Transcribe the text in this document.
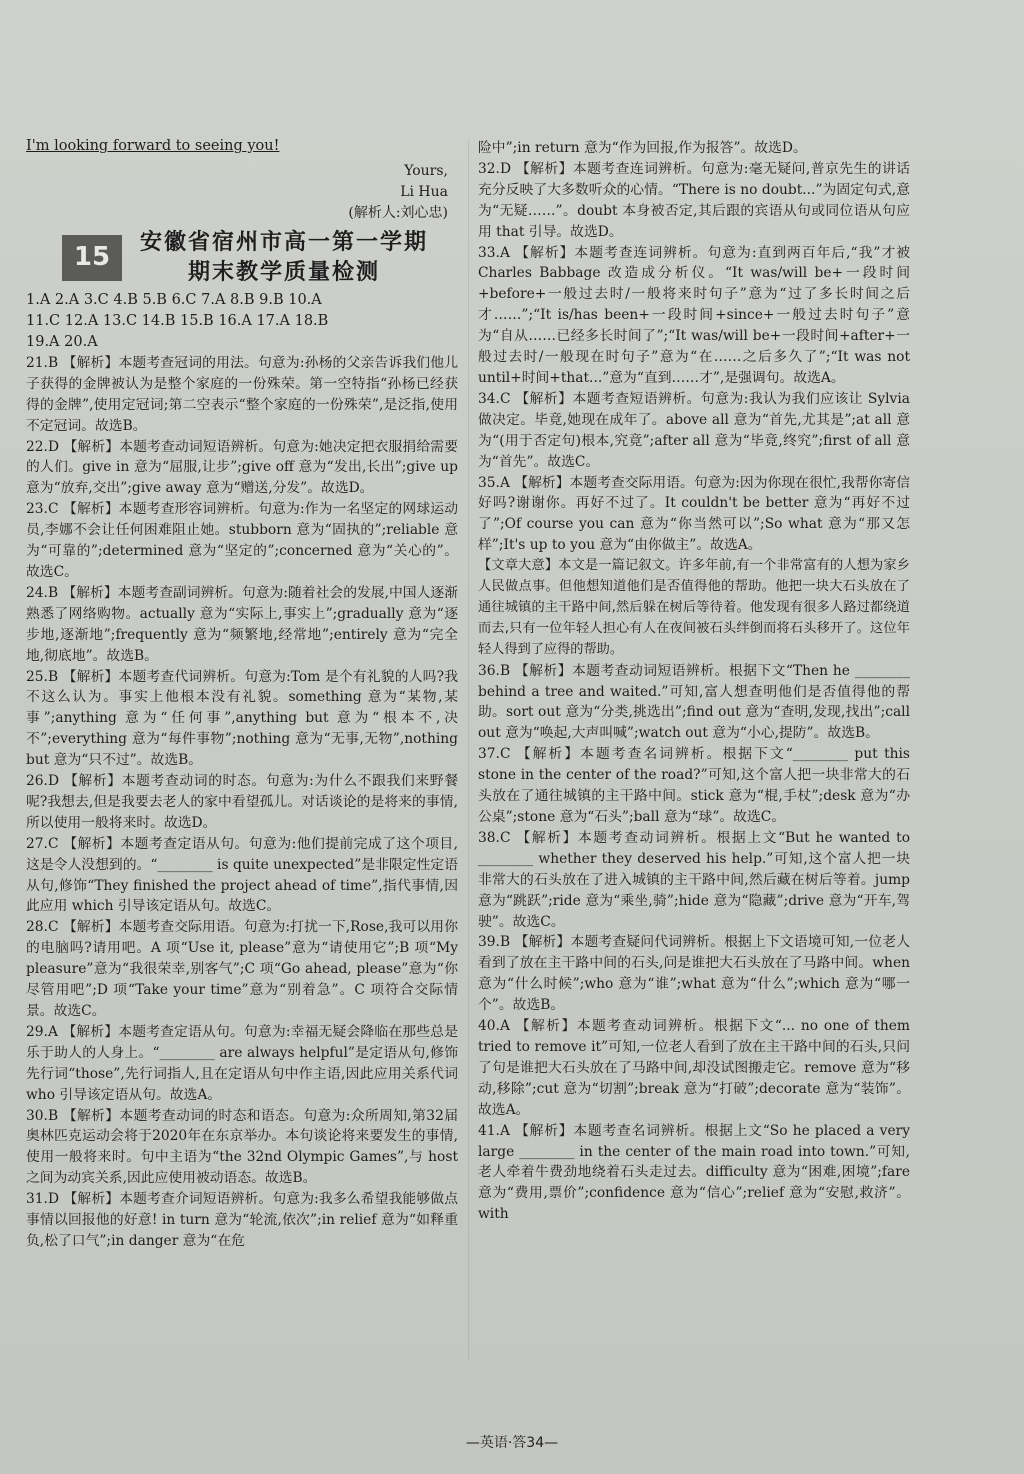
I'm looking forward to seeing you!

Yours,

Li Hua

(解析人:刘心忠)

15
安徽省宿州市高一第一学期
期末教学质量检测

1.A 2.A 3.C 4.B 5.B 6.C 7.A 8.B 9.B 10.A

11.C 12.A 13.C 14.B 15.B 16.A 17.A 18.B

19.A 20.A

21.B 【解析】本题考查冠词的用法。句意为:孙杨的父亲告诉我们他儿子获得的金牌被认为是整个家庭的一份殊荣。第一空特指“孙杨已经获得的金牌”,使用定冠词;第二空表示“整个家庭的一份殊荣”,是泛指,使用不定冠词。故选B。

22.D 【解析】本题考查动词短语辨析。句意为:她决定把衣服捐给需要的人们。give in 意为“屈服,让步”;give off 意为“发出,长出”;give up 意为“放弃,交出”;give away 意为“赠送,分发”。故选D。

23.C 【解析】本题考查形容词辨析。句意为:作为一名坚定的网球运动员,李娜不会让任何困难阻止她。stubborn 意为“固执的”;reliable 意为“可靠的”;determined 意为“坚定的”;concerned 意为“关心的”。故选C。

24.B 【解析】本题考查副词辨析。句意为:随着社会的发展,中国人逐渐熟悉了网络购物。actually 意为“实际上,事实上”;gradually 意为“逐步地,逐渐地”;frequently 意为“频繁地,经常地”;entirely 意为“完全地,彻底地”。故选B。

25.B 【解析】本题考查代词辨析。句意为:Tom 是个有礼貌的人吗?我不这么认为。事实上他根本没有礼貌。something 意为“某物,某事”;anything 意为“任何事”,anything but 意为“根本不,决不”;everything 意为“每件事物”;nothing 意为“无事,无物”,nothing but 意为“只不过”。故选B。

26.D 【解析】本题考查动词的时态。句意为:为什么不跟我们来野餐呢?我想去,但是我要去老人的家中看望孤儿。对话谈论的是将来的事情,所以使用一般将来时。故选D。

27.C 【解析】本题考查定语从句。句意为:他们提前完成了这个项目,这是令人没想到的。“________ is quite unexpected”是非限定性定语从句,修饰“They finished the project ahead of time”,指代事情,因此应用 which 引导该定语从句。故选C。

28.C 【解析】本题考查交际用语。句意为:打扰一下,Rose,我可以用你的电脑吗?请用吧。A 项“Use it, please”意为“请使用它”;B 项“My pleasure”意为“我很荣幸,别客气”;C 项“Go ahead, please”意为“你尽管用吧”;D 项“Take your time”意为“别着急”。C 项符合交际情景。故选C。

29.A 【解析】本题考查定语从句。句意为:幸福无疑会降临在那些总是乐于助人的人身上。“________ are always helpful”是定语从句,修饰先行词“those”,先行词指人,且在定语从句中作主语,因此应用关系代词 who 引导该定语从句。故选A。

30.B 【解析】本题考查动词的时态和语态。句意为:众所周知,第32届奥林匹克运动会将于2020年在东京举办。本句谈论将来要发生的事情,使用一般将来时。句中主语为“the 32nd Olympic Games”,与 host 之间为动宾关系,因此应使用被动语态。故选B。

31.D 【解析】本题考查介词短语辨析。句意为:我多么希望我能够做点事情以回报他的好意! in turn 意为“轮流,依次”;in relief 意为“如释重负,松了口气”;in danger 意为“在危

险中”;in return 意为“作为回报,作为报答”。故选D。

32.D 【解析】本题考查连词辨析。句意为:毫无疑问,普京先生的讲话充分反映了大多数听众的心情。“There is no doubt...”为固定句式,意为“无疑……”。doubt 本身被否定,其后跟的宾语从句或同位语从句应用 that 引导。故选D。

33.A 【解析】本题考查连词辨析。句意为:直到两百年后,“我”才被 Charles Babbage 改造成分析仪。“It was/will be+一段时间+before+一般过去时/一般将来时句子”意为“过了多长时间之后才……”;“It is/has been+一段时间+since+一般过去时句子”意为“自从……已经多长时间了”;“It was/will be+一段时间+after+一般过去时/一般现在时句子”意为“在……之后多久了”;“It was not until+时间+that...”意为“直到……才”,是强调句。故选A。

34.C 【解析】本题考查短语辨析。句意为:我认为我们应该让 Sylvia 做决定。毕竟,她现在成年了。above all 意为“首先,尤其是”;at all 意为“(用于否定句)根本,究竟”;after all 意为“毕竟,终究”;first of all 意为“首先”。故选C。

35.A 【解析】本题考查交际用语。句意为:因为你现在很忙,我帮你寄信好吗?谢谢你。再好不过了。It couldn't be better 意为“再好不过了”;Of course you can 意为“你当然可以”;So what 意为“那又怎样”;It's up to you 意为“由你做主”。故选A。

【文章大意】本文是一篇记叙文。许多年前,有一个非常富有的人想为家乡人民做点事。但他想知道他们是否值得他的帮助。他把一块大石头放在了通往城镇的主干路中间,然后躲在树后等待着。他发现有很多人路过都绕道而去,只有一位年轻人担心有人在夜间被石头绊倒而将石头移开了。这位年轻人得到了应得的帮助。

36.B 【解析】本题考查动词短语辨析。根据下文“Then he ________ behind a tree and waited.”可知,富人想查明他们是否值得他的帮助。sort out 意为“分类,挑选出”;find out 意为“查明,发现,找出”;call out 意为“唤起,大声叫喊”;watch out 意为“小心,提防”。故选B。

37.C 【解析】本题考查名词辨析。根据下文“________ put this stone in the center of the road?”可知,这个富人把一块非常大的石头放在了通往城镇的主干路中间。stick 意为“棍,手杖”;desk 意为“办公桌”;stone 意为“石头”;ball 意为“球”。故选C。

38.C 【解析】本题考查动词辨析。根据上文“But he wanted to ________ whether they deserved his help.”可知,这个富人把一块非常大的石头放在了进入城镇的主干路中间,然后藏在树后等着。jump 意为“跳跃”;ride 意为“乘坐,骑”;hide 意为“隐藏”;drive 意为“开车,驾驶”。故选C。

39.B 【解析】本题考查疑问代词辨析。根据上下文语境可知,一位老人看到了放在主干路中间的石头,问是谁把大石头放在了马路中间。when 意为“什么时候”;who 意为“谁”;what 意为“什么”;which 意为“哪一个”。故选B。

40.A 【解析】本题考查动词辨析。根据下文“... no one of them tried to remove it”可知,一位老人看到了放在主干路中间的石头,只问了句是谁把大石头放在了马路中间,却没试图搬走它。remove 意为“移动,移除”;cut 意为“切割”;break 意为“打破”;decorate 意为“装饰”。故选A。

41.A 【解析】本题考查名词辨析。根据上文“So he placed a very large ________ in the center of the main road into town.”可知,老人牵着牛费劲地绕着石头走过去。difficulty 意为“困难,困境”;fare 意为“费用,票价”;confidence 意为“信心”;relief 意为“安慰,救济”。with

—英语·答34—
